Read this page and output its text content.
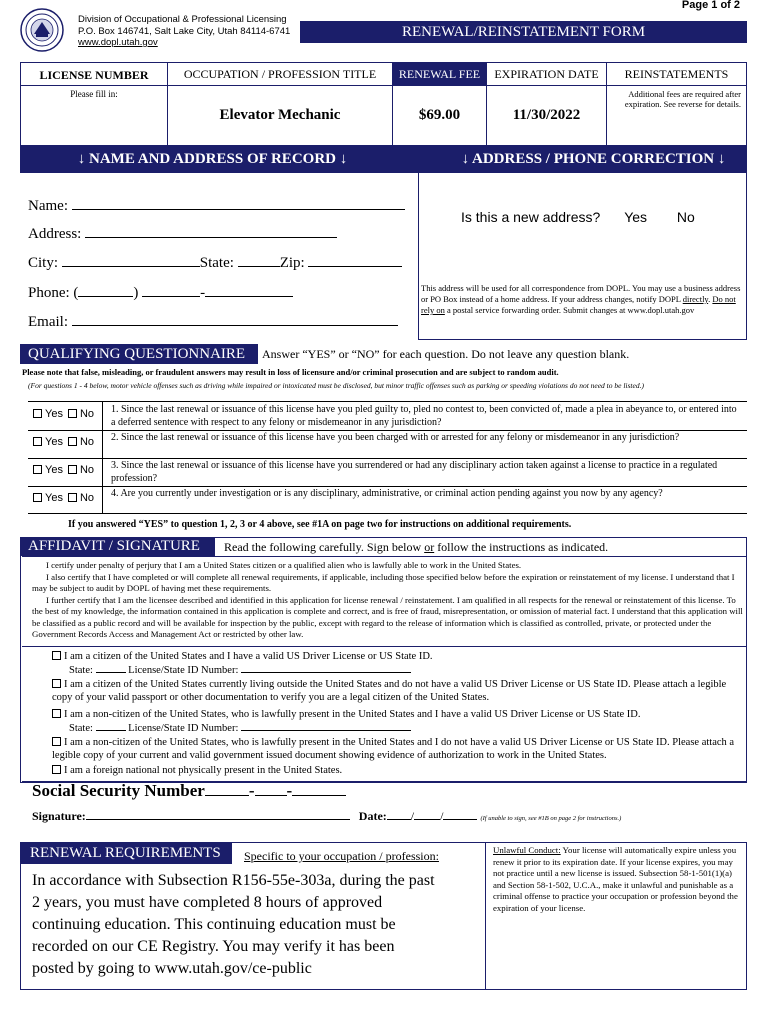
Page 1 of 2
Division of Occupational & Professional Licensing
P.O. Box 146741, Salt Lake City, Utah 84114-6741
www.dopl.utah.gov
RENEWAL/REINSTATEMENT FORM
LICENSE NUMBER	OCCUPATION / PROFESSION TITLE	RENEWAL FEE	EXPIRATION DATE	REINSTATEMENTS
Please fill in:
Elevator Mechanic	$69.00	11/30/2022
Additional fees are required after expiration. See reverse for details.
↓ NAME AND ADDRESS OF RECORD ↓	↓ ADDRESS / PHONE CORRECTION ↓
Name:
Address:
City:	State:	Zip:
Phone: (	)	-
Email:
Is this a new address? Yes No
This address will be used for all correspondence from DOPL. You may use a business address or PO Box instead of a home address. If your address changes, notify DOPL directly. Do not rely on a postal service forwarding order. Submit changes at www.dopl.utah.gov
QUALIFYING QUESTIONNAIRE	Answer “YES” or “NO” for each question. Do not leave any question blank.
Please note that false, misleading, or fraudulent answers may result in loss of licensure and/or criminal prosecution and are subject to random audit.
(For questions 1 - 4 below, motor vehicle offenses such as driving while impaired or intoxicated must be disclosed, but minor traffic offenses such as parking or speeding violations do not need to be listed.)
Yes No 1. Since the last renewal or issuance of this license have you pled guilty to, pled no contest to, been convicted of, made a plea in abeyance to, or entered into a deferred sentence with respect to any felony or misdemeanor in any jurisdiction?
Yes No 2. Since the last renewal or issuance of this license have you been charged with or arrested for any felony or misdemeanor in any jurisdiction?
Yes No 3. Since the last renewal or issuance of this license have you surrendered or had any disciplinary action taken against a license to practice in a regulated profession?
Yes No 4. Are you currently under investigation or is any disciplinary, administrative, or criminal action pending against you now by any agency?
If you answered “YES” to question 1, 2, 3 or 4 above, see #1A on page two for instructions on additional requirements.
AFFIDAVIT / SIGNATURE	Read the following carefully. Sign below or follow the instructions as indicated.
I certify under penalty of perjury that I am a United States citizen or a qualified alien who is lawfully able to work in the United States.
I also certify that I have completed or will complete all renewal requirements, if applicable, including those specified below before the expiration or reinstatement of my license. I understand that I may be subject to audit by DOPL of having met these requirements.
I further certify that I am the licensee described and identified in this application for license renewal / reinstatement. I am qualified in all respects for the renewal or reinstatement of this license. To the best of my knowledge, the information contained in this application is complete and correct, and is free of fraud, misrepresentation, or omission of material fact. I understand that this application will be classified as a public record and will be available for inspection by the public, except with regard to the release of information which is classified as controlled, private, or protected under the Government Records Access and Management Act or restricted by other law.
I am a citizen of the United States and I have a valid US Driver License or US State ID.
State:	License/State ID Number:
I am a citizen of the United States currently living outside the United States and do not have a valid US Driver License or US State ID. Please attach a legible copy of your valid passport or other documentation to verify you are a legal citizen of the United States.
I am a non-citizen of the United States, who is lawfully present in the United States and I have a valid US Driver License or US State ID.
State:	License/State ID Number:
I am a non-citizen of the United States, who is lawfully present in the United States and I do not have a valid US Driver License or US State ID. Please attach a legible copy of your current and valid government issued document showing evidence of authorization to work in the United States.
I am a foreign national not physically present in the United States.
Social Security Number	- -
Signature:	Date: / /	(If unable to sign, see #1B on page 2 for instructions.)
RENEWAL REQUIREMENTS	Specific to your occupation / profession:
In accordance with Subsection R156-55e-303a, during the past 2 years, you must have completed 8 hours of approved continuing education. This continuing education must be recorded on our CE Registry. You may verify it has been posted by going to www.utah.gov/ce-public
Unlawful Conduct: Your license will automatically expire unless you renew it prior to its expiration date. If your license expires, you may not practice until a new license is issued. Subsection 58-1-501(1)(a) and Section 58-1-502, U.C.A., make it unlawful and punishable as a criminal offense to practice your occupation or profession beyond the expiration of your license.
